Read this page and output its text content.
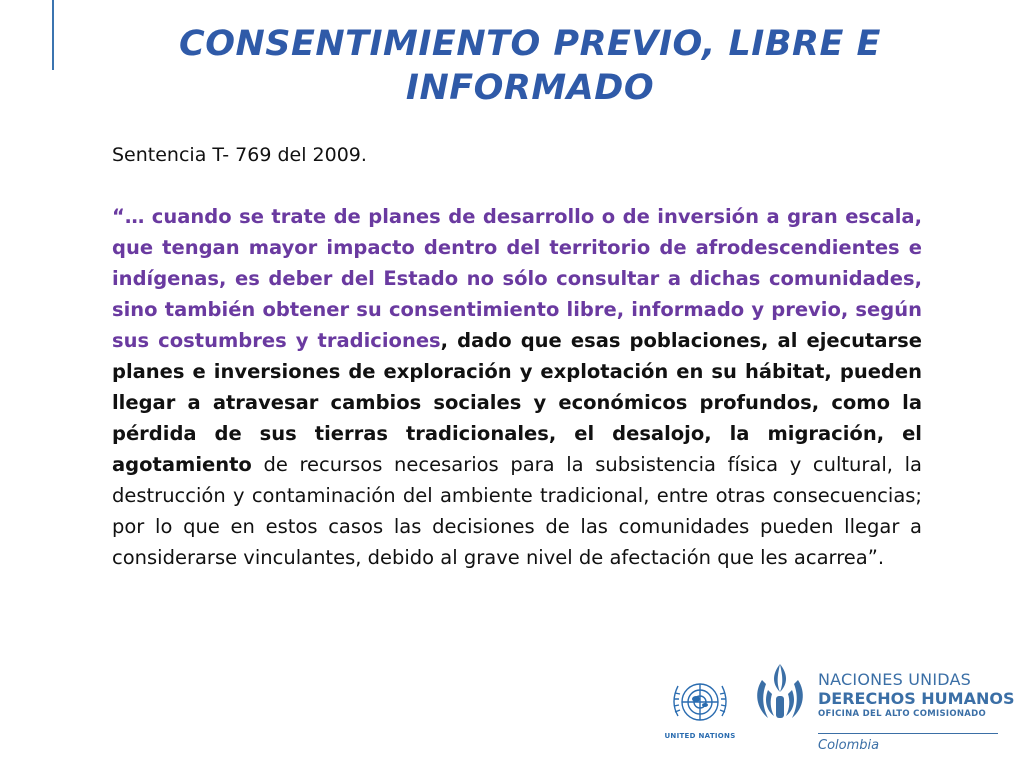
CONSENTIMIENTO PREVIO, LIBRE E INFORMADO
Sentencia T- 769 del 2009.
“… cuando se trate de planes de desarrollo o de inversión a gran escala, que tengan mayor impacto dentro del territorio de afrodescendientes e indígenas, es deber del Estado no sólo consultar a dichas comunidades, sino también obtener su consentimiento libre, informado y previo, según sus costumbres y tradiciones, dado que esas poblaciones, al ejecutarse planes e inversiones de exploración y explotación en su hábitat, pueden llegar a atravesar cambios sociales y económicos profundos, como la pérdida de sus tierras tradicionales, el desalojo, la migración, el agotamiento de recursos necesarios para la subsistencia física y cultural, la destrucción y contaminación del ambiente tradicional, entre otras consecuencias; por lo que en estos casos las decisiones de las comunidades pueden llegar a considerarse vinculantes, debido al grave nivel de afectación que les acarrea”.
UNITED NATIONS
NACIONES UNIDAS
DERECHOS HUMANOS
OFICINA DEL ALTO COMISIONADO
Colombia
